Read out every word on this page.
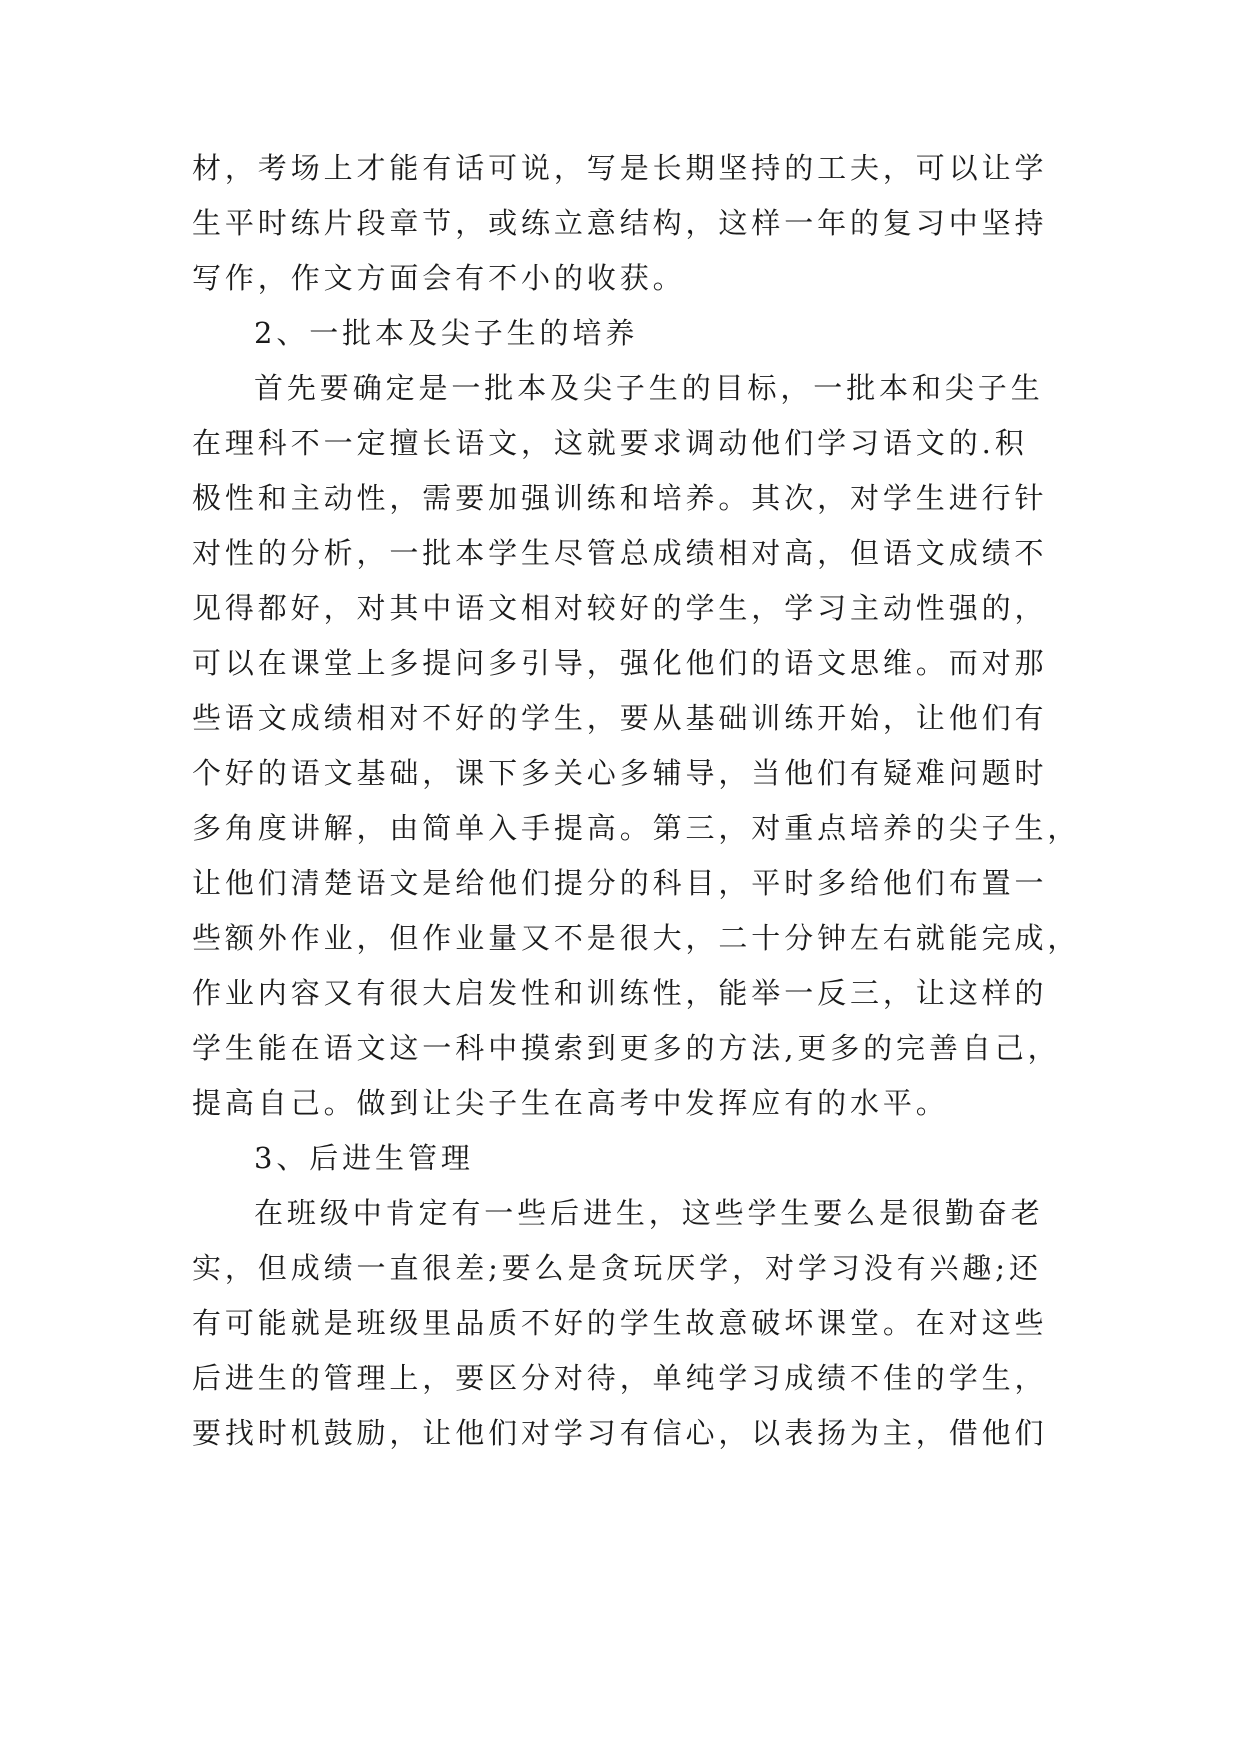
材，考场上才能有话可说，写是长期坚持的工夫，可以让学

生平时练片段章节，或练立意结构，这样一年的复习中坚持

写作，作文方面会有不小的收获。

2、一批本及尖子生的培养

首先要确定是一批本及尖子生的目标，一批本和尖子生

在理科不一定擅长语文，这就要求调动他们学习语文的.积

极性和主动性，需要加强训练和培养。其次，对学生进行针

对性的分析，一批本学生尽管总成绩相对高，但语文成绩不

见得都好，对其中语文相对较好的学生，学习主动性强的，

可以在课堂上多提问多引导，强化他们的语文思维。而对那

些语文成绩相对不好的学生，要从基础训练开始，让他们有

个好的语文基础，课下多关心多辅导，当他们有疑难问题时

多角度讲解，由简单入手提高。第三，对重点培养的尖子生，

让他们清楚语文是给他们提分的科目，平时多给他们布置一

些额外作业，但作业量又不是很大，二十分钟左右就能完成，

作业内容又有很大启发性和训练性，能举一反三，让这样的

学生能在语文这一科中摸索到更多的方法,更多的完善自己，

提高自己。做到让尖子生在高考中发挥应有的水平。

3、后进生管理

在班级中肯定有一些后进生，这些学生要么是很勤奋老

实，但成绩一直很差;要么是贪玩厌学，对学习没有兴趣;还

有可能就是班级里品质不好的学生故意破坏课堂。在对这些

后进生的管理上，要区分对待，单纯学习成绩不佳的学生，

要找时机鼓励，让他们对学习有信心，以表扬为主，借他们
